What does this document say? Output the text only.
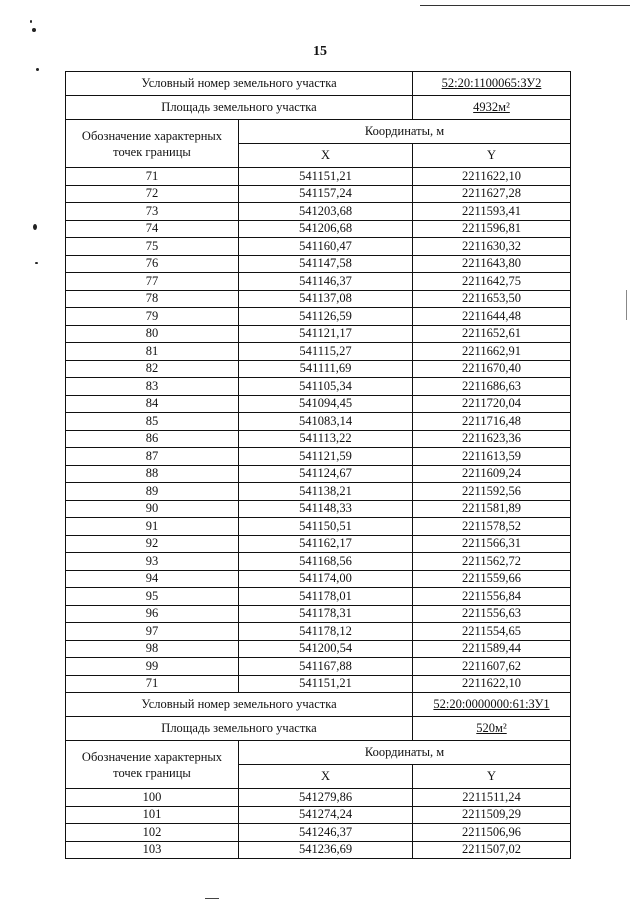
15
Условный номер земельного участка		52:20:1100065:ЗУ2
Площадь земельного участка		4932м²
Обозначение характерных точек границы	Координаты, м	
	X	Y
71	541151,21	2211622,10
72	541157,24	2211627,28
73	541203,68	2211593,41
74	541206,68	2211596,81
75	541160,47	2211630,32
76	541147,58	2211643,80
77	541146,37	2211642,75
78	541137,08	2211653,50
79	541126,59	2211644,48
80	541121,17	2211652,61
81	541115,27	2211662,91
82	541111,69	2211670,40
83	541105,34	2211686,63
84	541094,45	2211720,04
85	541083,14	2211716,48
86	541113,22	2211623,36
87	541121,59	2211613,59
88	541124,67	2211609,24
89	541138,21	2211592,56
90	541148,33	2211581,89
91	541150,51	2211578,52
92	541162,17	2211566,31
93	541168,56	2211562,72
94	541174,00	2211559,66
95	541178,01	2211556,84
96	541178,31	2211556,63
97	541178,12	2211554,65
98	541200,54	2211589,44
99	541167,88	2211607,62
71	541151,21	2211622,10
Условный номер земельного участка		52:20:0000000:61:ЗУ1
Площадь земельного участка		520м²
Обозначение характерных точек границы	Координаты, м	
	X	Y
100	541279,86	2211511,24
101	541274,24	2211509,29
102	541246,37	2211506,96
103	541236,69	2211507,02
